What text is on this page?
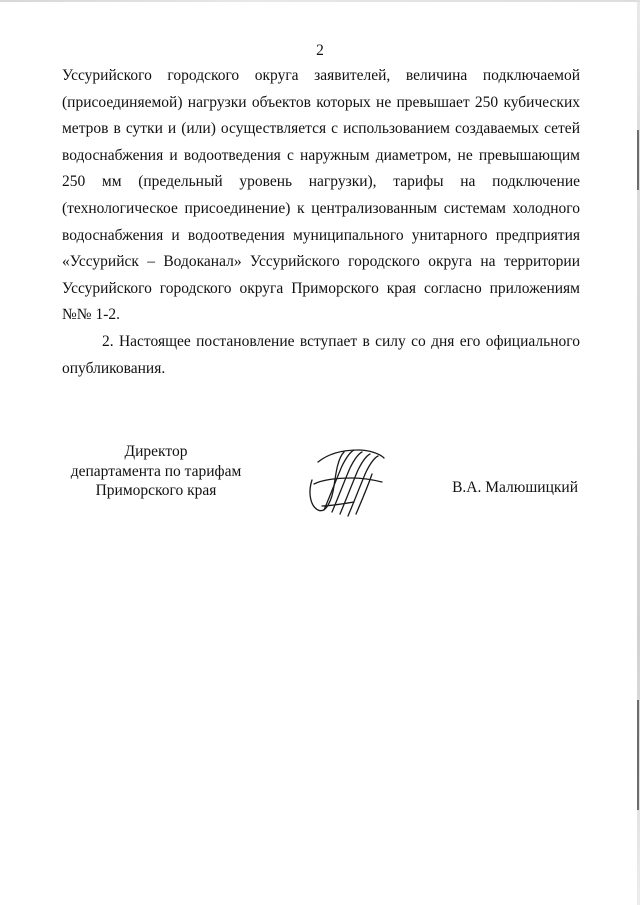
2
Уссурийского городского округа заявителей, величина подключаемой
(присоединяемой) нагрузки объектов которых не превышает 250 кубических
метров в сутки и (или) осуществляется с использованием создаваемых сетей
водоснабжения и водоотведения с наружным диаметром, не превышающим
250 мм (предельный уровень нагрузки), тарифы на подключение
(технологическое присоединение) к централизованным системам холодного
водоснабжения и водоотведения муниципального унитарного предприятия
«Уссурийск – Водоканал» Уссурийского городского округа на территории
Уссурийского городского округа Приморского края согласно приложениям
№№ 1-2.
2. Настоящее постановление вступает в силу со дня его официального
опубликования.
Директор
департамента по тарифам
Приморского края	В.А. Малюшицкий
